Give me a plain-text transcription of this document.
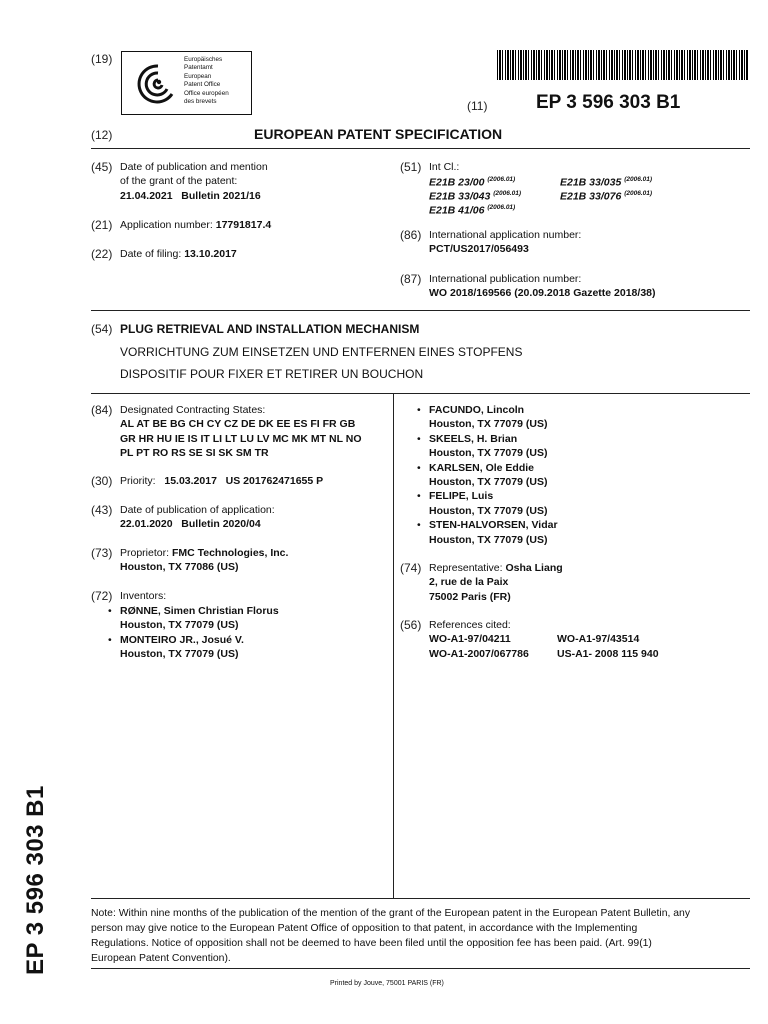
(19)	Europäisches
Patentamt
European
Patent Office
Office européen
des brevets	(11)	EP 3 596 303 B1
(12)	EUROPEAN PATENT SPECIFICATION
(45) Date of publication and mention
of the grant of the patent:
21.04.2021   Bulletin 2021/16
(21) Application number: 17791817.4
(22) Date of filing: 13.10.2017
(51) Int Cl.:
E21B 23/00 $^{(2006.01)}$	E21B 33/035 $^{(2006.01)}$
E21B 33/043 $^{(2006.01)}$	E21B 33/076 $^{(2006.01)}$
E21B 41/06 $^{(2006.01)}$
(86) International application number:
PCT/US2017/056493
(87) International publication number:
WO 2018/169566 (20.09.2018 Gazette 2018/38)
(54) PLUG RETRIEVAL AND INSTALLATION MECHANISM
VORRICHTUNG ZUM EINSETZEN UND ENTFERNEN EINES STOPFENS
DISPOSITIF POUR FIXER ET RETIRER UN BOUCHON
(84) Designated Contracting States:
AL AT BE BG CH CY CZ DE DK EE ES FI FR GB
GR HR HU IE IS IT LI LT LU LV MC MK MT NL NO
PL PT RO RS SE SI SK SM TR
(30) Priority: 15.03.2017   US 201762471655 P
(43) Date of publication of application:
22.01.2020   Bulletin 2020/04
(73) Proprietor: FMC Technologies, Inc.
Houston, TX 77086 (US)
(72) Inventors:
• RØNNE, Simen Christian Florus
Houston, TX 77079 (US)
• MONTEIRO JR., Josué V.
Houston, TX 77079 (US)
• FACUNDO, Lincoln
Houston, TX 77079 (US)
• SKEELS, H. Brian
Houston, TX 77079 (US)
• KARLSEN, Ole Eddie
Houston, TX 77079 (US)
• FELIPE, Luis
Houston, TX 77079 (US)
• STEN-HALVORSEN, Vidar
Houston, TX 77079 (US)
(74) Representative: Osha Liang
2, rue de la Paix
75002 Paris (FR)
(56) References cited:
WO-A1-97/04211	WO-A1-97/43514
WO-A1-2007/067786	US-A1- 2008 115 940
EP 3 596 303 B1	Note: Within nine months of the publication of the mention of the grant of the European patent in the European Patent Bulletin, any person may give notice to the European Patent Office of opposition to that patent, in accordance with the Implementing Regulations. Notice of opposition shall not be deemed to have been filed until the opposition fee has been paid. (Art. 99(1) European Patent Convention).
Printed by Jouve, 75001 PARIS (FR)
